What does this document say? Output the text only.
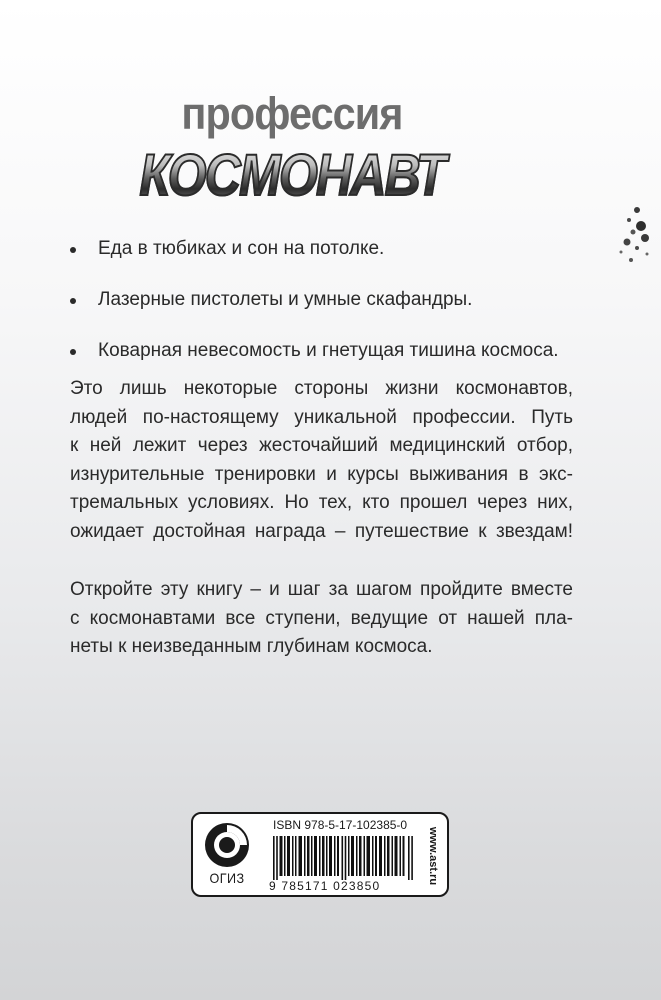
профессия
КОСМОНАВТ
Еда в тюбиках и сон на потолке.
Лазерные пистолеты и умные скафандры.
Коварная невесомость и гнетущая тишина космоса.

Это лишь некоторые стороны жизни космонавтов,
людей по-настоящему уникальной профессии. Путь
к ней лежит через жесточайший медицинский отбор,
изнурительные тренировки и курсы выживания в экс-
тремальных условиях. Но тех, кто прошел через них,
ожидает достойная награда – путешествие к звездам!

Откройте эту книгу – и шаг за шагом пройдите вместе
с космонавтами все ступени, ведущие от нашей пла-
неты к неизведанным глубинам космоса.

ОГИЗ
ISBN 978-5-17-102385-0
9 785171 023850
www.ast.ru
